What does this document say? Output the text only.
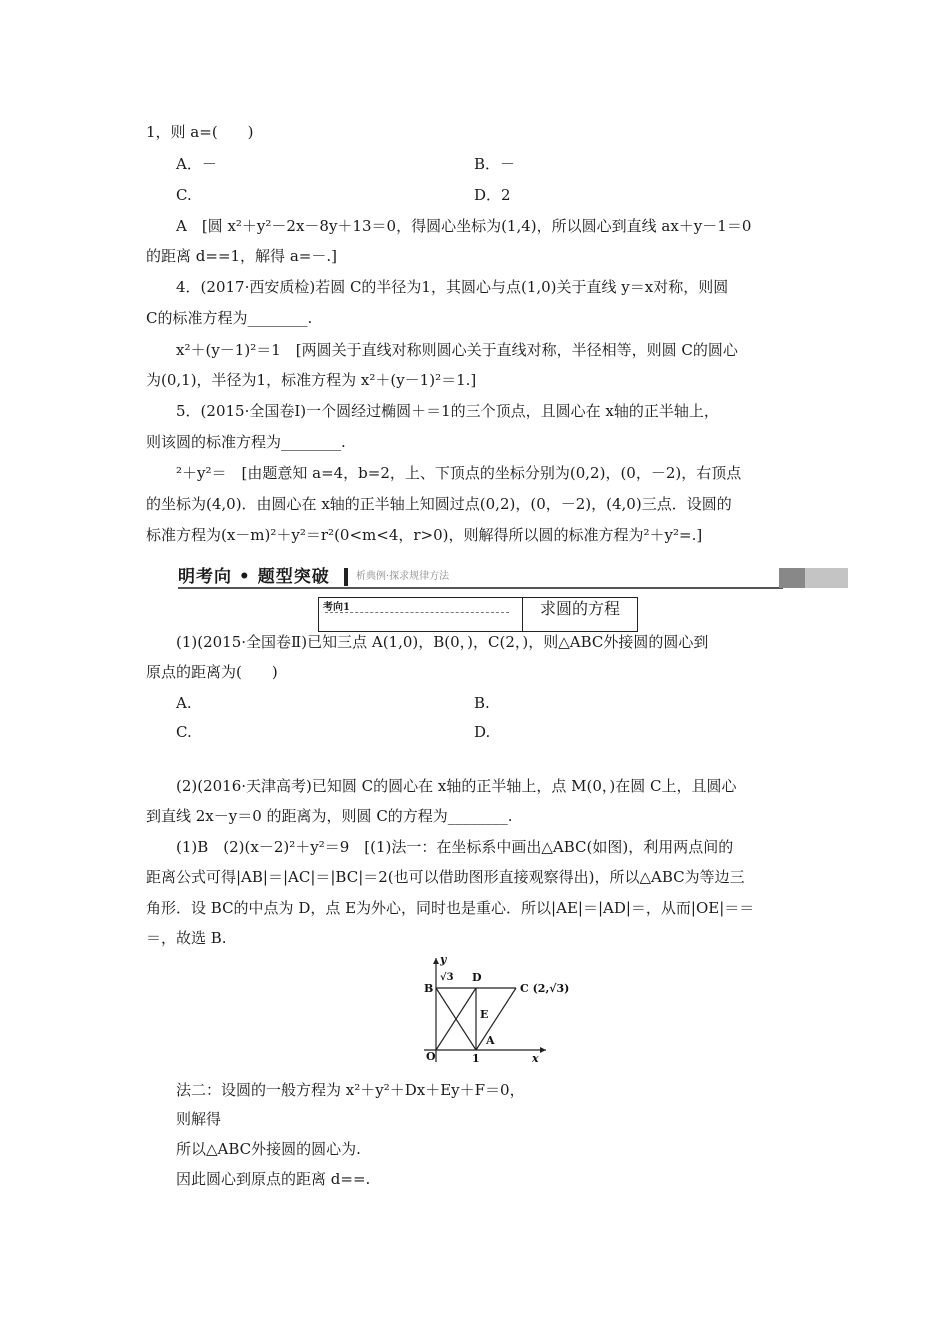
1，则 a=(　　)
A．－	B．－
C.	D．2
A　[圆 x²＋y²－2x－8y＋13＝0，得圆心坐标为(1,4)，所以圆心到直线 ax＋y－1＝0
的距离 d==1，解得 a=－.]
4．(2017·西安质检)若圆 C的半径为1，其圆心与点(1,0)关于直线 y＝x对称，则圆
C的标准方程为________.
x²＋(y－1)²＝1　[两圆关于直线对称则圆心关于直线对称，半径相等，则圆 C的圆心
为(0,1)，半径为1，标准方程为 x²＋(y－1)²＝1.]
5．(2015·全国卷Ⅰ)一个圆经过椭圆＋＝1的三个顶点，且圆心在 x轴的正半轴上，
则该圆的标准方程为________.
²＋y²＝　[由题意知 a=4，b=2，上、下顶点的坐标分别为(0,2)，(0，－2)，右顶点
的坐标为(4,0)．由圆心在 x轴的正半轴上知圆过点(0,2)，(0，－2)，(4,0)三点．设圆的
标准方程为(x－m)²＋y²＝r²(0<m<4，r>0)，则解得所以圆的标准方程为²＋y²=.]
明考向 • 题型突破	析典例·探求规律方法
考向1	求圆的方程
(1)(2015·全国卷Ⅱ)已知三点 A(1,0)，B(0，)，C(2，)，则△ABC外接圆的圆心到
原点的距离为(　　)
A.	B.
C.	D.
(2)(2016·天津高考)已知圆 C的圆心在 x轴的正半轴上，点 M(0，)在圆 C上，且圆心
到直线 2x－y＝0 的距离为，则圆 C的方程为________.
(1)B　(2)(x－2)²＋y²＝9　[(1)法一：在坐标系中画出△ABC(如图)，利用两点间的
距离公式可得|AB|＝|AC|＝|BC|＝2(也可以借助图形直接观察得出)，所以△ABC为等边三
角形．设 BC的中点为 D，点 E为外心，同时也是重心．所以|AE|＝|AD|＝，从而|OE|＝＝
＝，故选 B.
y
√3
B
D
C (2,√3)
E
A
O	1	x
法二：设圆的一般方程为 x²＋y²＋Dx＋Ey＋F＝0，
则解得
所以△ABC外接圆的圆心为.
因此圆心到原点的距离 d==.
